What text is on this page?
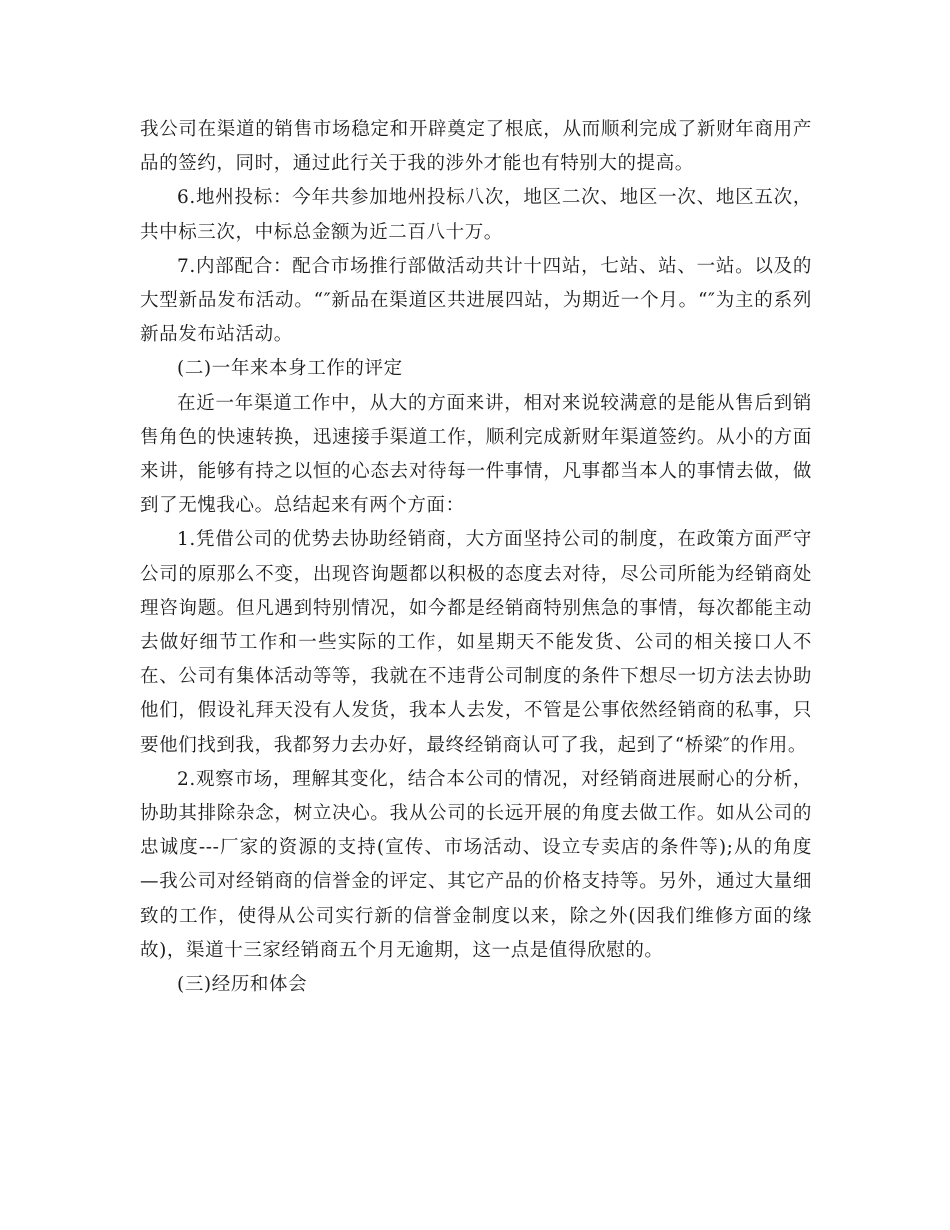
我公司在渠道的销售市场稳定和开辟奠定了根底，从而顺利完成了新财年商用产品的签约，同时，通过此行关于我的涉外才能也有特别大的提高。

6.地州投标：今年共参加地州投标八次，地区二次、地区一次、地区五次，共中标三次，中标总金额为近二百八十万。

7.内部配合：配合市场推行部做活动共计十四站，七站、站、一站。以及的大型新品发布活动。“″新品在渠道区共进展四站，为期近一个月。“″为主的系列新品发布站活动。

(二)一年来本身工作的评定

在近一年渠道工作中，从大的方面来讲，相对来说较满意的是能从售后到销售角色的快速转换，迅速接手渠道工作，顺利完成新财年渠道签约。从小的方面来讲，能够有持之以恒的心态去对待每一件事情，凡事都当本人的事情去做，做到了无愧我心。总结起来有两个方面：

1.凭借公司的优势去协助经销商，大方面坚持公司的制度，在政策方面严守公司的原那么不变，出现咨询题都以积极的态度去对待，尽公司所能为经销商处理咨询题。但凡遇到特别情况，如今都是经销商特别焦急的事情，每次都能主动去做好细节工作和一些实际的工作，如星期天不能发货、公司的相关接口人不在、公司有集体活动等等，我就在不违背公司制度的条件下想尽一切方法去协助他们，假设礼拜天没有人发货，我本人去发，不管是公事依然经销商的私事，只要他们找到我，我都努力去办好，最终经销商认可了我，起到了“桥梁″的作用。

2.观察市场，理解其变化，结合本公司的情况，对经销商进展耐心的分析，协助其排除杂念，树立决心。我从公司的长远开展的角度去做工作。如从公司的忠诚度---厂家的资源的支持(宣传、市场活动、设立专卖店的条件等);从的角度—我公司对经销商的信誉金的评定、其它产品的价格支持等。另外，通过大量细致的工作，使得从公司实行新的信誉金制度以来，除之外(因我们维修方面的缘故)，渠道十三家经销商五个月无逾期，这一点是值得欣慰的。

(三)经历和体会
